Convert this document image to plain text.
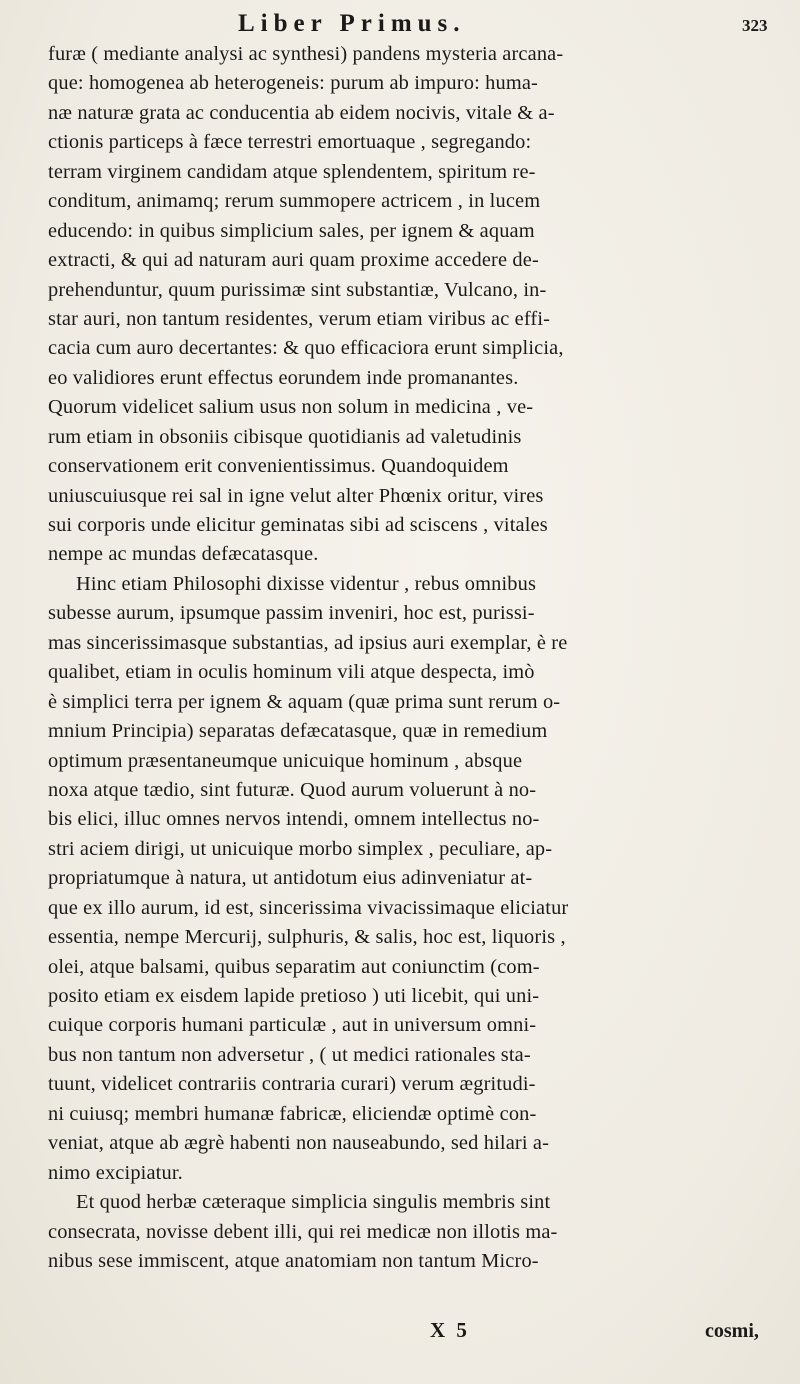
Liber Primus.	323
furæ ( mediante analysi ac synthesi) pandens mysteria arcana-
que: homogenea ab heterogeneis: purum ab impuro: huma-
næ naturæ grata ac conducentia ab eidem nocivis, vitale & a-
ctionis particeps à fæce terrestri emortuaque , segregando:
terram virginem candidam atque splendentem, spiritum re-
conditum, animamq; rerum summopere actricem , in lucem
educendo: in quibus simplicium sales, per ignem & aquam
extracti, & qui ad naturam auri quam proxime accedere de-
prehenduntur, quum purissimæ sint substantiæ, Vulcano, in-
star auri, non tantum residentes, verum etiam viribus ac effi-
cacia cum auro decertantes: & quo efficaciora erunt simplicia,
eo validiores erunt effectus eorundem inde promanantes.
Quorum videlicet salium usus non solum in medicina , ve-
rum etiam in obsoniis cibisque quotidianis ad valetudinis
conservationem erit convenientissimus. Quandoquidem
uniuscuiusque rei sal in igne velut alter Phœnix oritur, vires
sui corporis unde elicitur geminatas sibi ad sciscens , vitales
nempe ac mundas defæcatasque.
Hinc etiam Philosophi dixisse videntur , rebus omnibus
subesse aurum, ipsumque passim inveniri, hoc est, purissi-
mas sincerissimasque substantias, ad ipsius auri exemplar, è re
qualibet, etiam in oculis hominum vili atque despecta, imò
è simplici terra per ignem & aquam (quæ prima sunt rerum o-
mnium Principia) separatas defæcatasque, quæ in remedium
optimum præsentaneumque unicuique hominum , absque
noxa atque tædio, sint futuræ. Quod aurum voluerunt à no-
bis elici, illuc omnes nervos intendi, omnem intellectus no-
stri aciem dirigi, ut unicuique morbo simplex , peculiare, ap-
propriatumque à natura, ut antidotum eius adinveniatur at-
que ex illo aurum, id est, sincerissima vivacissimaque eliciatur
essentia, nempe Mercurij, sulphuris, & salis, hoc est, liquoris ,
olei, atque balsami, quibus separatim aut coniunctim (com-
posito etiam ex eisdem lapide pretioso ) uti licebit, qui uni-
cuique corporis humani particulæ , aut in universum omni-
bus non tantum non adversetur , ( ut medici rationales sta-
tuunt, videlicet contrariis contraria curari) verum ægritudi-
ni cuiusq; membri humanæ fabricæ, eliciendæ optimè con-
veniat, atque ab ægrè habenti non nauseabundo, sed hilari a-
nimo excipiatur.
Et quod herbæ cæteraque simplicia singulis membris sint
consecrata, novisse debent illi, qui rei medicæ non illotis ma-
nibus sese immiscent, atque anatomiam non tantum Micro-
X 5	cosmi,
